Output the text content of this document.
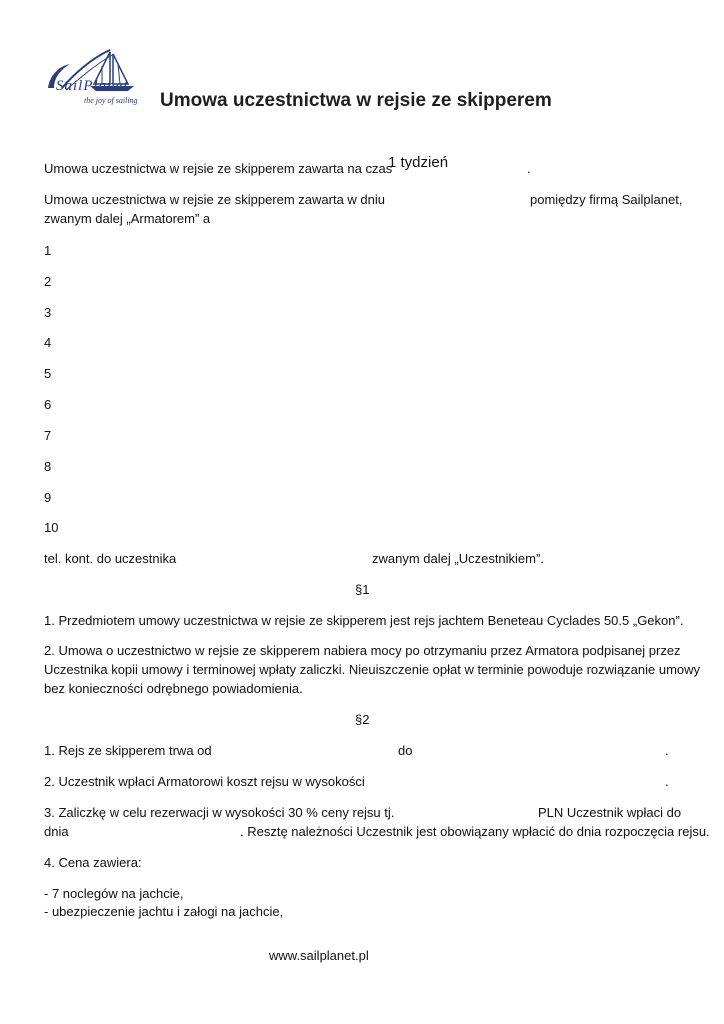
SailPlanet
the joy of sailing Umowa uczestnictwa w rejsie ze skipperem
Umowa uczestnictwa w rejsie ze skipperem zawarta na czas
1 tydzień	.
Umowa uczestnictwa w rejsie ze skipperem zawarta w dniu	pomiędzy firmą Sailplanet,
zwanym dalej „Armatorem” a
1
2
3
4
5
6
7
8
9
10
tel. kont. do uczestnika	zwanym dalej „Uczestnikiem”.
§1
1. Przedmiotem umowy uczestnictwa w rejsie ze skipperem jest rejs jachtem Beneteau Cyclades 50.5 „Gekon”.
2. Umowa o uczestnictwo w rejsie ze skipperem nabiera mocy po otrzymaniu przez Armatora podpisanej przez
Uczestnika kopii umowy i terminowej wpłaty zaliczki. Nieuiszczenie opłat w terminie powoduje rozwiązanie umowy
bez konieczności odrębnego powiadomienia.
§2
1. Rejs ze skipperem trwa od	do	.
2. Uczestnik wpłaci Armatorowi koszt rejsu w wysokości	.
3. Zaliczkę w celu rezerwacji w wysokości 30 % ceny rejsu tj.	PLN Uczestnik wpłaci do
dnia	. Resztę należności Uczestnik jest obowiązany wpłacić do dnia rozpoczęcia rejsu.
4. Cena zawiera:
- 7 noclegów na jachcie,
- ubezpieczenie jachtu i załogi na jachcie,
www.sailplanet.pl
